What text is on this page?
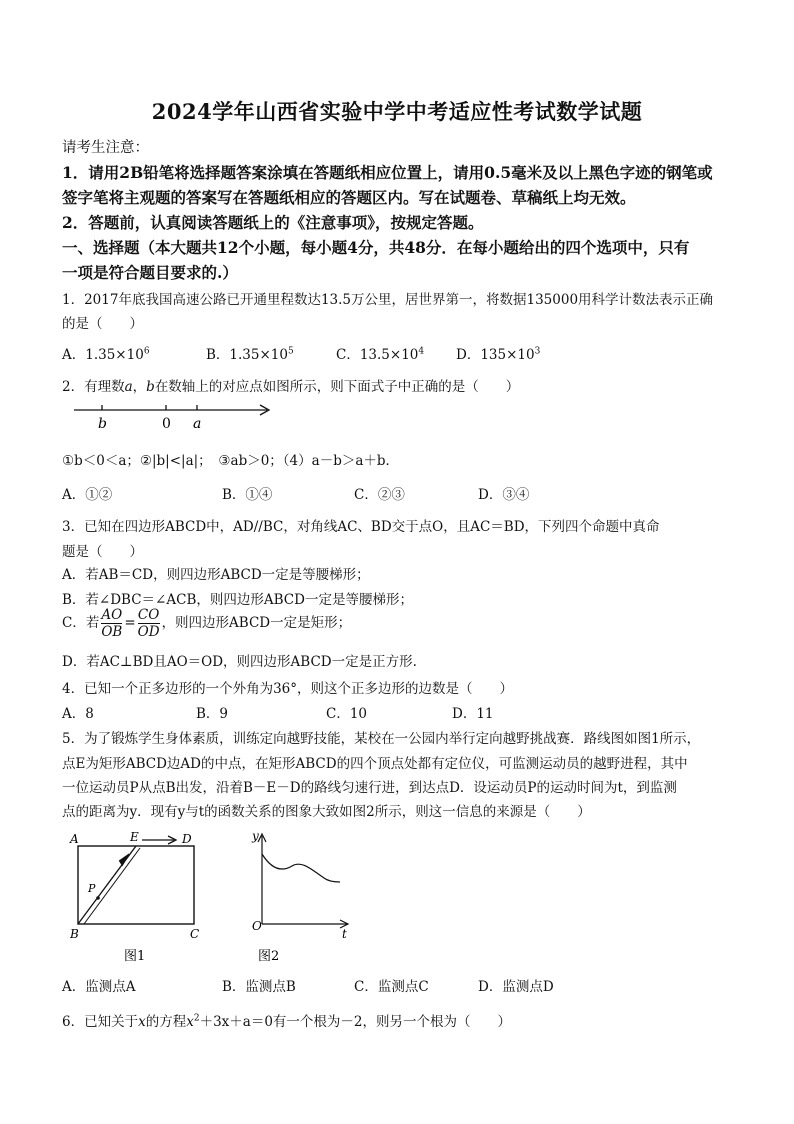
2024学年山西省实验中学中考适应性考试数学试题
请考生注意：
1．请用2B铅笔将选择题答案涂填在答题纸相应位置上，请用0.5毫米及以上黑色字迹的钢笔或
签字笔将主观题的答案写在答题纸相应的答题区内。写在试题卷、草稿纸上均无效。
2．答题前，认真阅读答题纸上的《注意事项》，按规定答题。
一、选择题（本大题共12个小题，每小题4分，共48分．在每小题给出的四个选项中，只有
一项是符合题目要求的.）
1．2017年底我国高速公路已开通里程数达13.5万公里，居世界第一，将数据135000用科学计数法表示正确
的是（　　）
A．$1.35\times 10^6$	B．$1.35\times 10^5$	C．$13.5\times 10^4$ D．$135\times 10^3$
2．有理数a，b在数轴上的对应点如图所示，则下面式子中正确的是（　　）
b	0 a
①b＜0＜a；②|b|<|a|；　③ab＞0；（4）a－b＞a＋b．
A．①②	B．①④	C．②③	D．③④
3．已知在四边形ABCD中，AD//BC，对角线AC、BD交于点O，且AC＝BD，下列四个命题中真命
题是（　　）
A．若AB＝CD，则四边形ABCD一定是等腰梯形；
B．若∠DBC＝∠ACB，则四边形ABCD一定是等腰梯形；
C．若 $\frac{AO}{OB} = \frac{CO}{OD}$ ，则四边形ABCD一定是矩形；
D．若AC⊥BD且AO＝OD，则四边形ABCD一定是正方形.
4．已知一个正多边形的一个外角为36°，则这个正多边形的边数是（　　）
A．8	B．9	C．10	D．11
5．为了锻炼学生身体素质，训练定向越野技能，某校在一公园内举行定向越野挑战赛．路线图如图1所示，
点E为矩形ABCD边AD的中点，在矩形ABCD的四个顶点处都有定位仪，可监测运动员的越野进程，其中
一位运动员P从点B出发，沿着B－E－D的路线匀速行进，到达点D．设运动员P的运动时间为t，到监测
点的距离为y．现有y与t的函数关系的图象大致如图2所示，则这一信息的来源是（　　）
A	E	D
P
B	C
图1
y
O
t
图2
A．监测点A	B．监测点B	C．监测点C	D．监测点D
6．已知关于x的方程$x^2+3x+a=0$有一个根为－2，则另一个根为（　　）
